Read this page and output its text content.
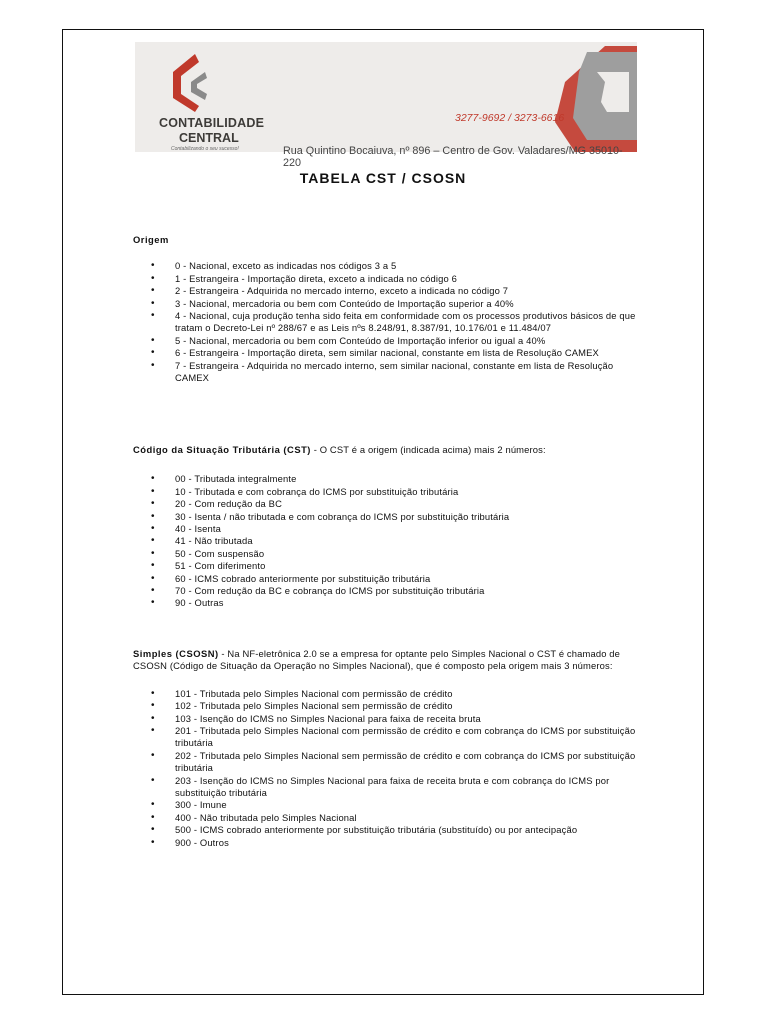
CONTABILIDADE
CENTRAL
Contabilizando o seu sucesso!
3277-9692 / 3273-6616
Rua Quintino Bocaiuva, nº 896 – Centro de Gov. Valadares/MG 35010-220
TABELA CST / CSOSN
Origem
• 0 - Nacional, exceto as indicadas nos códigos 3 a 5
• 1 - Estrangeira - Importação direta, exceto a indicada no código 6
• 2 - Estrangeira - Adquirida no mercado interno, exceto a indicada no código 7
• 3 - Nacional, mercadoria ou bem com Conteúdo de Importação superior a 40%
• 4 - Nacional, cuja produção tenha sido feita em conformidade com os processos produtivos básicos de que tratam o Decreto-Lei nº 288/67 e as Leis nºs 8.248/91, 8.387/91, 10.176/01 e 11.484/07
• 5 - Nacional, mercadoria ou bem com Conteúdo de Importação inferior ou igual a 40%
• 6 - Estrangeira - Importação direta, sem similar nacional, constante em lista de Resolução CAMEX
• 7 - Estrangeira - Adquirida no mercado interno, sem similar nacional, constante em lista de Resolução CAMEX
Código da Situação Tributária (CST) - O CST é a origem (indicada acima) mais 2 números:
• 00 - Tributada integralmente
• 10 - Tributada e com cobrança do ICMS por substituição tributária
• 20 - Com redução da BC
• 30 - Isenta / não tributada e com cobrança do ICMS por substituição tributária
• 40 - Isenta
• 41 - Não tributada
• 50 - Com suspensão
• 51 - Com diferimento
• 60 - ICMS cobrado anteriormente por substituição tributária
• 70 - Com redução da BC e cobrança do ICMS por substituição tributária
• 90 - Outras
Simples (CSOSN) - Na NF-eletrônica 2.0 se a empresa for optante pelo Simples Nacional o CST é chamado de CSOSN (Código de Situação da Operação no Simples Nacional), que é composto pela origem mais 3 números:
• 101 - Tributada pelo Simples Nacional com permissão de crédito
• 102 - Tributada pelo Simples Nacional sem permissão de crédito
• 103 - Isenção do ICMS no Simples Nacional para faixa de receita bruta
• 201 - Tributada pelo Simples Nacional com permissão de crédito e com cobrança do ICMS por substituição tributária
• 202 - Tributada pelo Simples Nacional sem permissão de crédito e com cobrança do ICMS por substituição tributária
• 203 - Isenção do ICMS no Simples Nacional para faixa de receita bruta e com cobrança do ICMS por substituição tributária
• 300 - Imune
• 400 - Não tributada pelo Simples Nacional
• 500 - ICMS cobrado anteriormente por substituição tributária (substituído) ou por antecipação
• 900 - Outros
